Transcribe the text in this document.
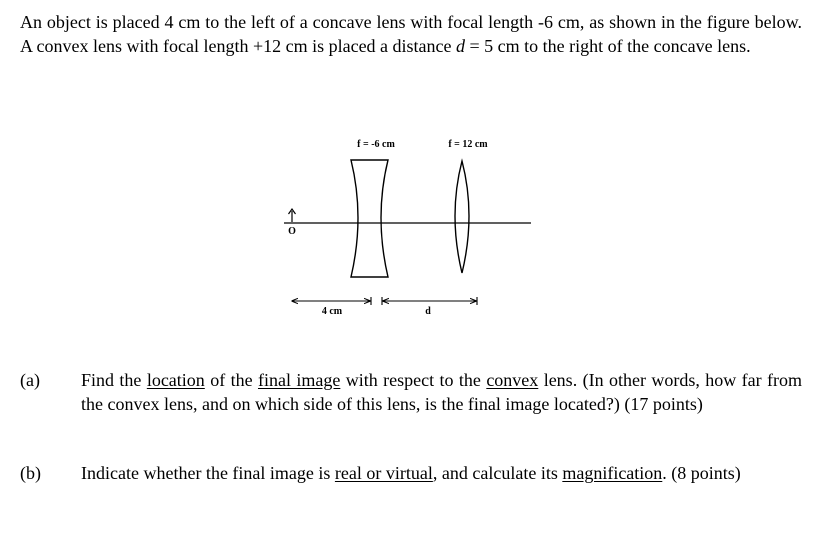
An object is placed 4 cm to the left of a concave lens with focal length -6 cm, as shown in the figure below. A convex lens with focal length +12 cm is placed a distance d = 5 cm to the right of the concave lens.

f = -6 cm	f = 12 cm
O
4 cm	d
(a) Find the location of the final image with respect to the convex lens. (In other words, how far from the convex lens, and on which side of this lens, is the final image located?) (17 points)
(b) Indicate whether the final image is real or virtual, and calculate its magnification. (8 points)
